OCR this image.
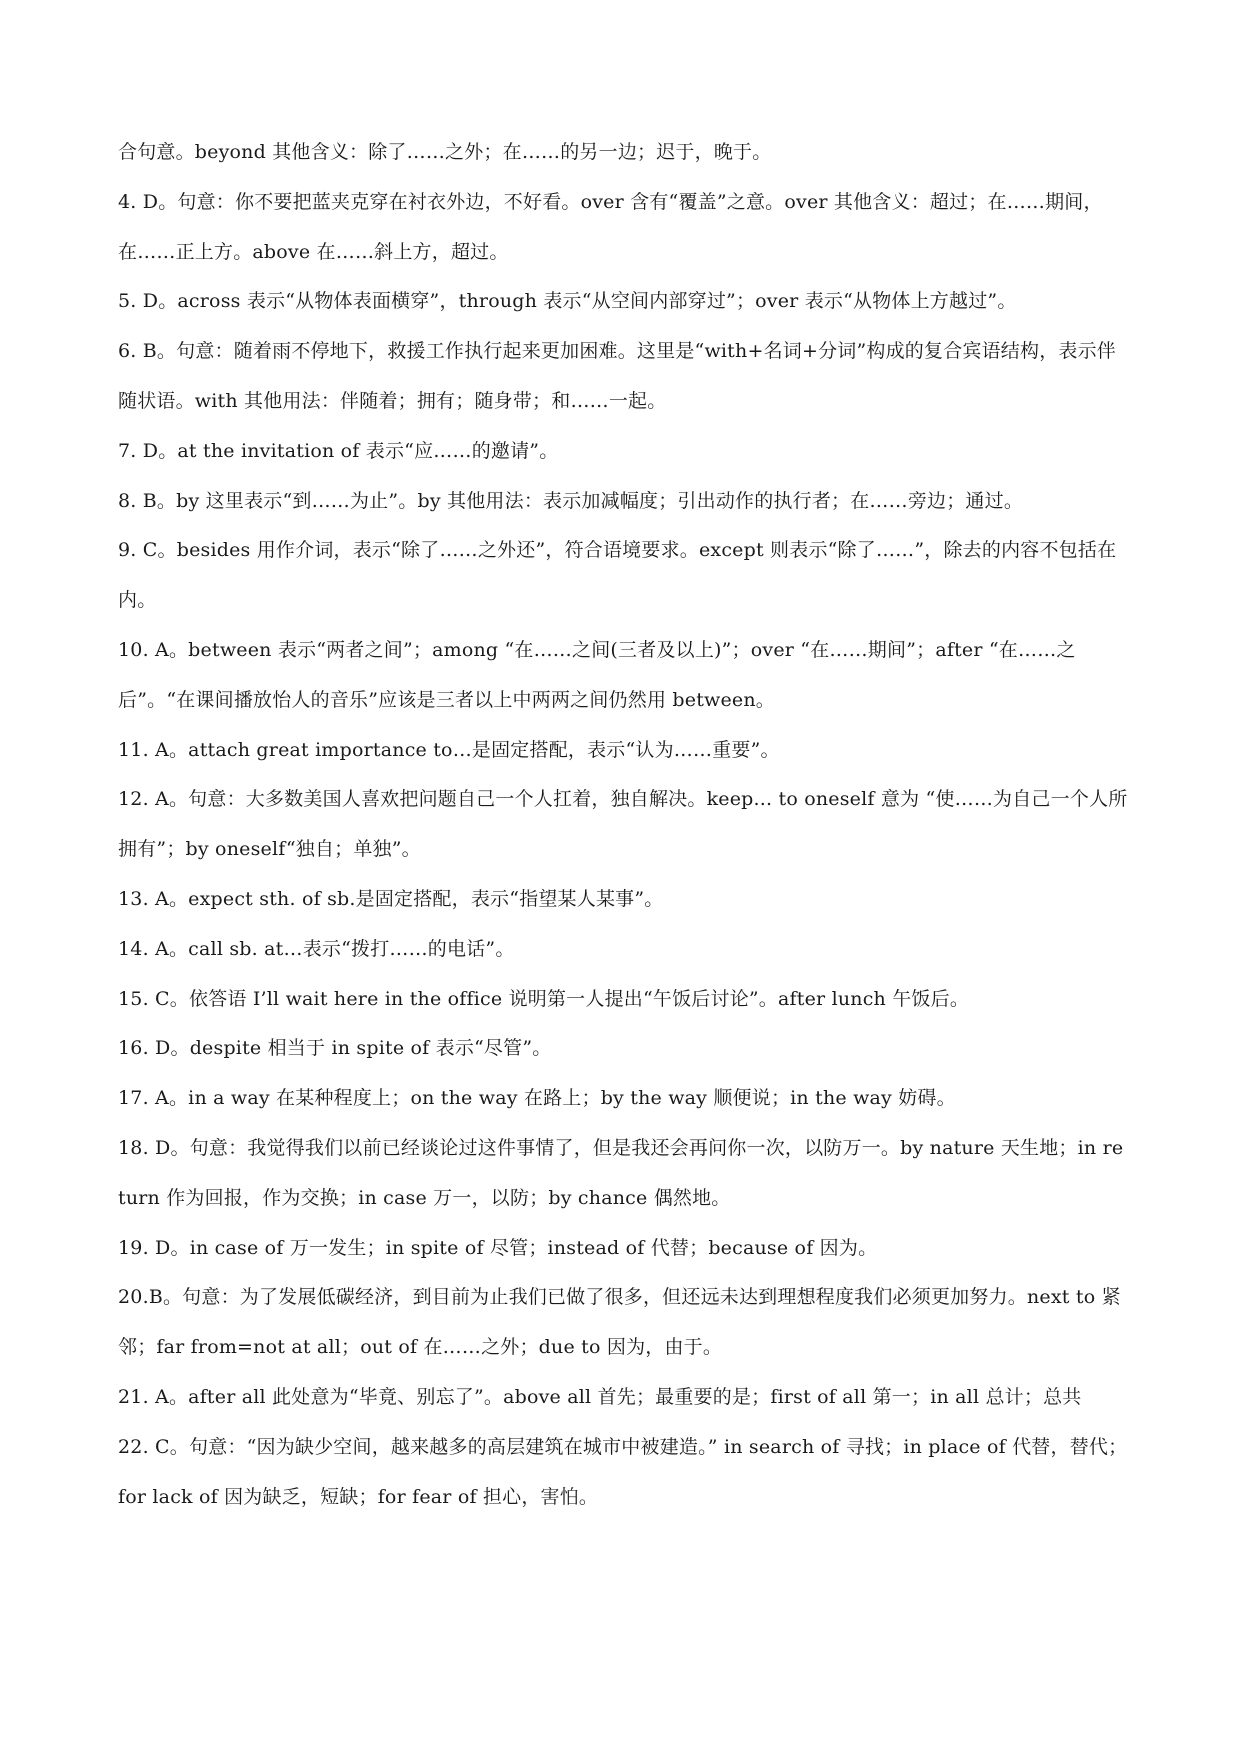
合句意。beyond 其他含义：除了……之外；在……的另一边；迟于，晚于。

4. D。句意：你不要把蓝夹克穿在衬衣外边，不好看。over 含有“覆盖”之意。over 其他含义：超过；在……期间，在……正上方。above 在……斜上方，超过。

5. D。across 表示“从物体表面横穿”，through 表示“从空间内部穿过”；over 表示“从物体上方越过”。

6. B。句意：随着雨不停地下，救援工作执行起来更加困难。这里是“with+名词+分词”构成的复合宾语结构，表示伴随状语。with 其他用法：伴随着；拥有；随身带；和……一起。

7. D。at the invitation of 表示“应……的邀请”。

8. B。by 这里表示“到……为止”。by 其他用法：表示加减幅度；引出动作的执行者；在……旁边；通过。

9. C。besides 用作介词，表示“除了……之外还”，符合语境要求。except 则表示“除了……”，除去的内容不包括在内。

10. A。between 表示“两者之间”；among “在……之间(三者及以上)”；over “在……期间”；after “在……之后”。“在课间播放怡人的音乐”应该是三者以上中两两之间仍然用 between。

11. A。attach great importance to…是固定搭配，表示“认为……重要”。

12. A。句意：大多数美国人喜欢把问题自己一个人扛着，独自解决。keep... to oneself 意为 “使……为自己一个人所拥有”；by oneself“独自；单独”。

13. A。expect sth. of sb.是固定搭配，表示“指望某人某事”。

14. A。call sb. at…表示“拨打……的电话”。

15. C。依答语 I’ll wait here in the office 说明第一人提出“午饭后讨论”。after lunch 午饭后。

16. D。despite 相当于 in spite of 表示“尽管”。

17. A。in a way 在某种程度上；on the way 在路上；by the way 顺便说；in the way 妨碍。

18. D。句意：我觉得我们以前已经谈论过这件事情了，但是我还会再问你一次，以防万一。by nature 天生地；in return 作为回报，作为交换；in case 万一，以防；by chance 偶然地。

19. D。in case of 万一发生；in spite of 尽管；instead of 代替；because of 因为。

20.B。句意：为了发展低碳经济，到目前为止我们已做了很多，但还远未达到理想程度我们必须更加努力。next to 紧邻；far from=not at all；out of 在……之外；due to 因为，由于。

21. A。after all 此处意为“毕竟、别忘了”。above all 首先；最重要的是；first of all 第一；in all 总计；总共

22. C。句意：“因为缺少空间，越来越多的高层建筑在城市中被建造。” in search of 寻找；in place of 代替，替代；for lack of 因为缺乏，短缺；for fear of 担心，害怕。
